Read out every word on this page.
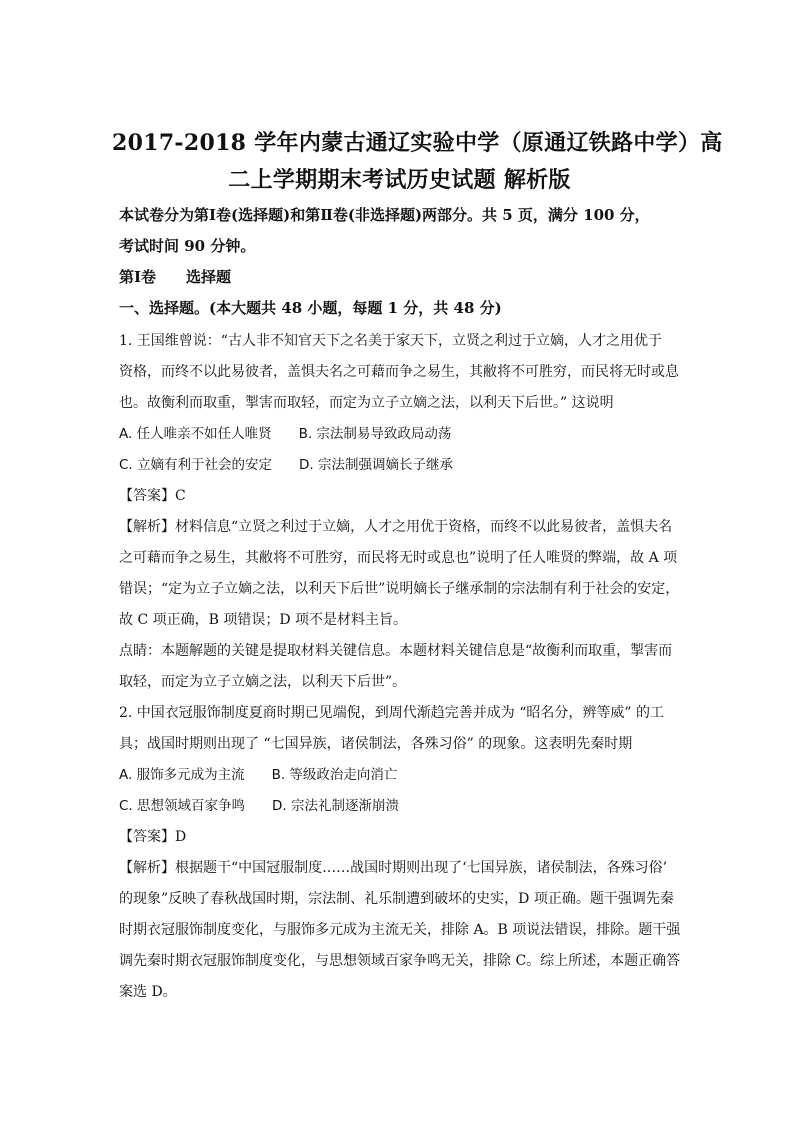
2017-2018 学年内蒙古通辽实验中学（原通辽铁路中学）高
二上学期期末考试历史试题 解析版
本试卷分为第Ⅰ卷(选择题)和第Ⅱ卷(非选择题)两部分。共 5 页，满分 100 分，
考试时间 90 分钟。
第Ⅰ卷　　选择题
一、选择题。(本大题共 48 小题，每题 1 分，共 48 分)
1. 王国维曾说：“古人非不知官天下之名美于家天下，立贤之利过于立嫡，人才之用优于
资格，而终不以此易彼者，盖惧夫名之可藉而争之易生，其敝将不可胜穷，而民将无时或息
也。故衡利而取重，掣害而取轻，而定为立子立嫡之法，以利天下后世。” 这说明
A. 任人唯亲不如任人唯贤　　B. 宗法制易导致政局动荡
C. 立嫡有利于社会的安定　　D. 宗法制强调嫡长子继承
【答案】C
【解析】材料信息“立贤之利过于立嫡，人才之用优于资格，而终不以此易彼者，盖惧夫名
之可藉而争之易生，其敝将不可胜穷，而民将无时或息也”说明了任人唯贤的弊端，故 A 项
错误；“定为立子立嫡之法，以利天下后世”说明嫡长子继承制的宗法制有利于社会的安定，
故 C 项正确，B 项错误；D 项不是材料主旨。
点睛：本题解题的关键是提取材料关键信息。本题材料关键信息是“故衡利而取重，掣害而
取轻，而定为立子立嫡之法，以利天下后世”。
2. 中国衣冠服饰制度夏商时期已见端倪，到周代渐趋完善并成为 “昭名分，辨等威” 的工
具；战国时期则出现了 “七国异族，诸侯制法，各殊习俗” 的现象。这表明先秦时期
A. 服饰多元成为主流　　B. 等级政治走向消亡
C. 思想领域百家争鸣　　D. 宗法礼制逐渐崩溃
【答案】D
【解析】根据题干“中国冠服制度……战国时期则出现了‘七国异族，诸侯制法，各殊习俗’
的现象”反映了春秋战国时期，宗法制、礼乐制遭到破坏的史实，D 项正确。题干强调先秦
时期衣冠服饰制度变化，与服饰多元成为主流无关，排除 A。B 项说法错误，排除。题干强
调先秦时期衣冠服饰制度变化，与思想领域百家争鸣无关，排除 C。综上所述，本题正确答
案选 D。
